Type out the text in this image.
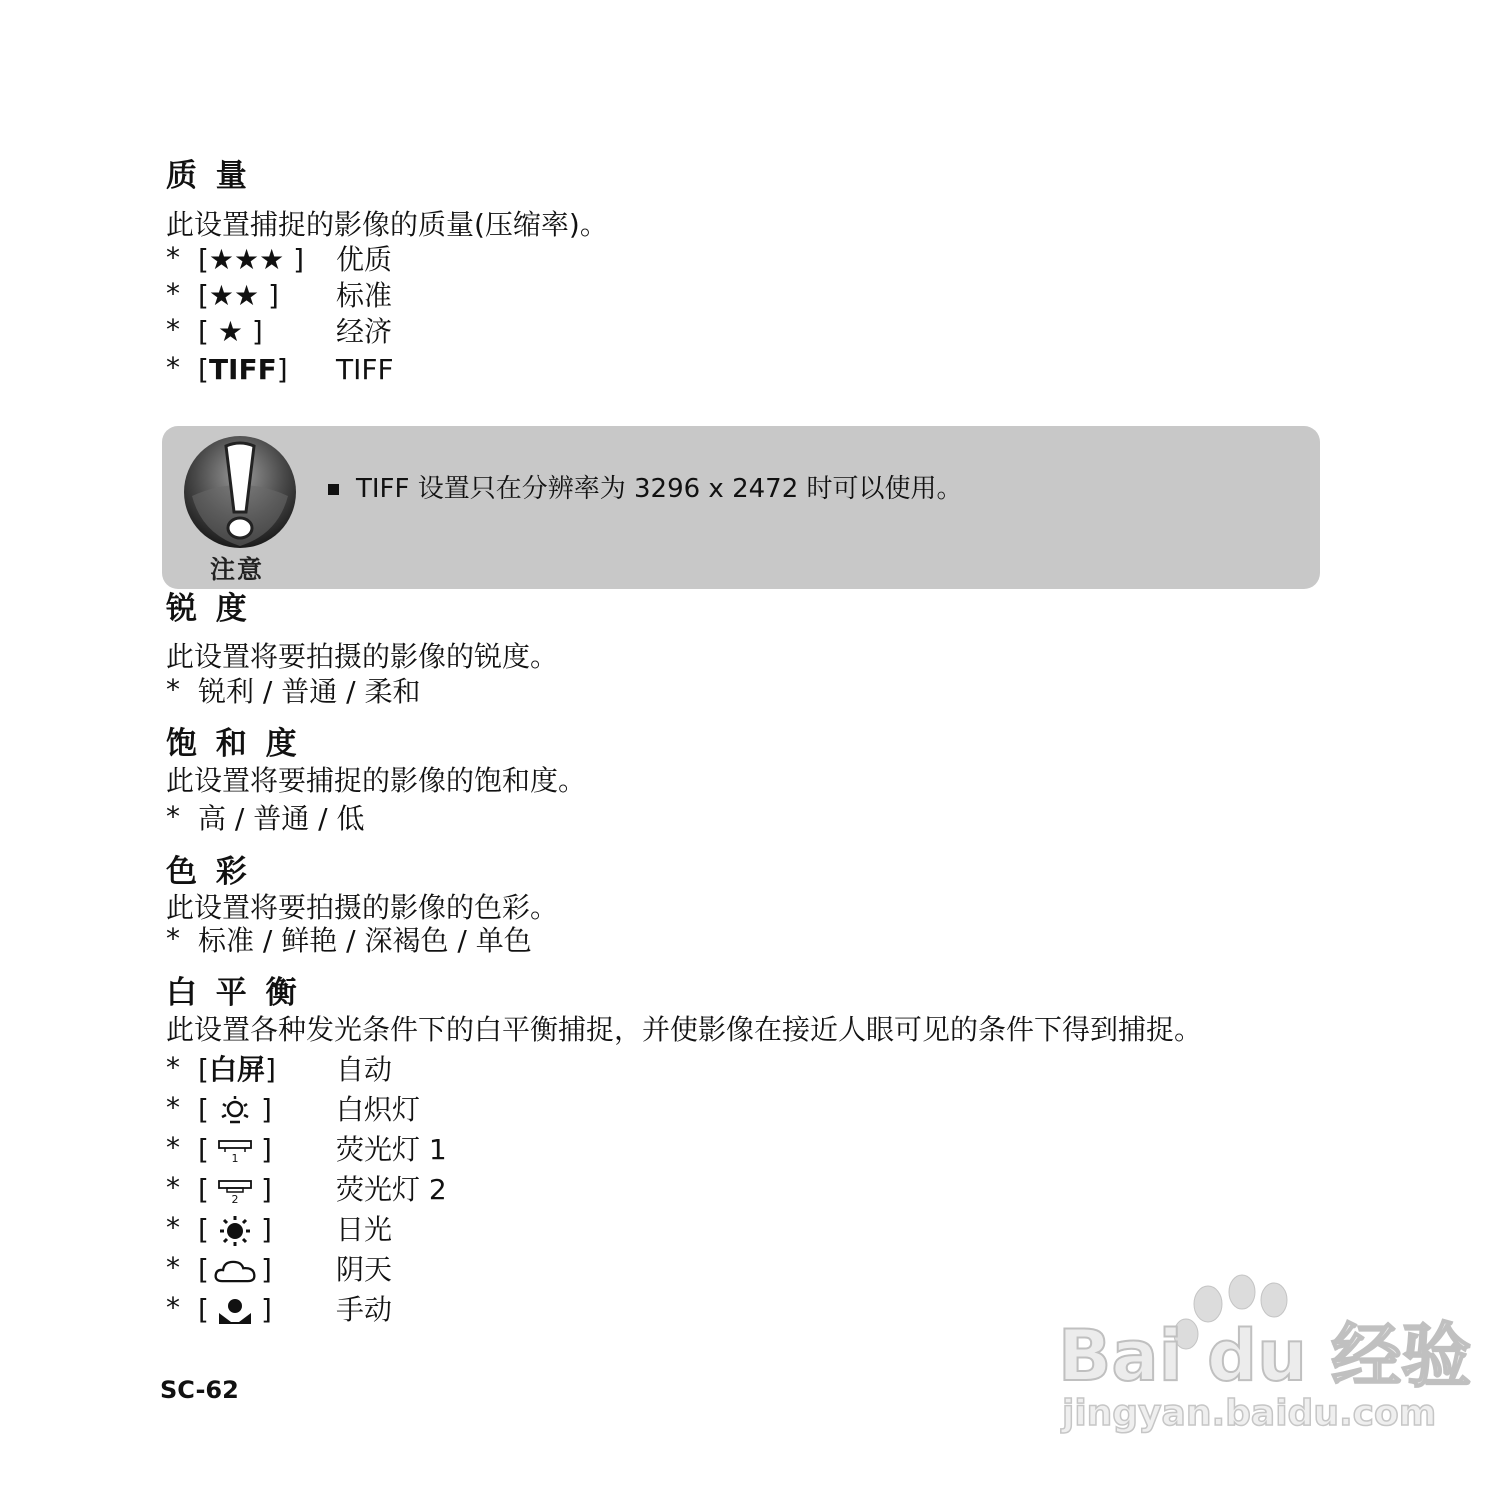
质 量
此设置捕捉的影像的质量(压缩率)。
* [★★★ ] 优质
* [★★ ] 标准
* [ ★ ]	经济
* [TIFF] TIFF
注意
TIFF 设置只在分辨率为 3296 x 2472 时可以使用。
锐 度
此设置将要拍摄的影像的锐度。
* 锐利 / 普通 / 柔和
饱 和 度
此设置将要捕捉的影像的饱和度。
* 高 / 普通 / 低
色 彩
此设置将要拍摄的影像的色彩。
* 标准 / 鲜艳 / 深褐色 / 单色
白 平 衡
此设置各种发光条件下的白平衡捕捉，并使影像在接近人眼可见的条件下得到捕捉。
* [白屏] 自动
* [ ] 白炽灯
* [ 1 ] 荧光灯 1
* [ 2 ] 荧光灯 2
* [ ] 日光
* [ ] 阴天
* [ ] 手动
SC-62	Bai du 经验
jingyan.baidu.com
